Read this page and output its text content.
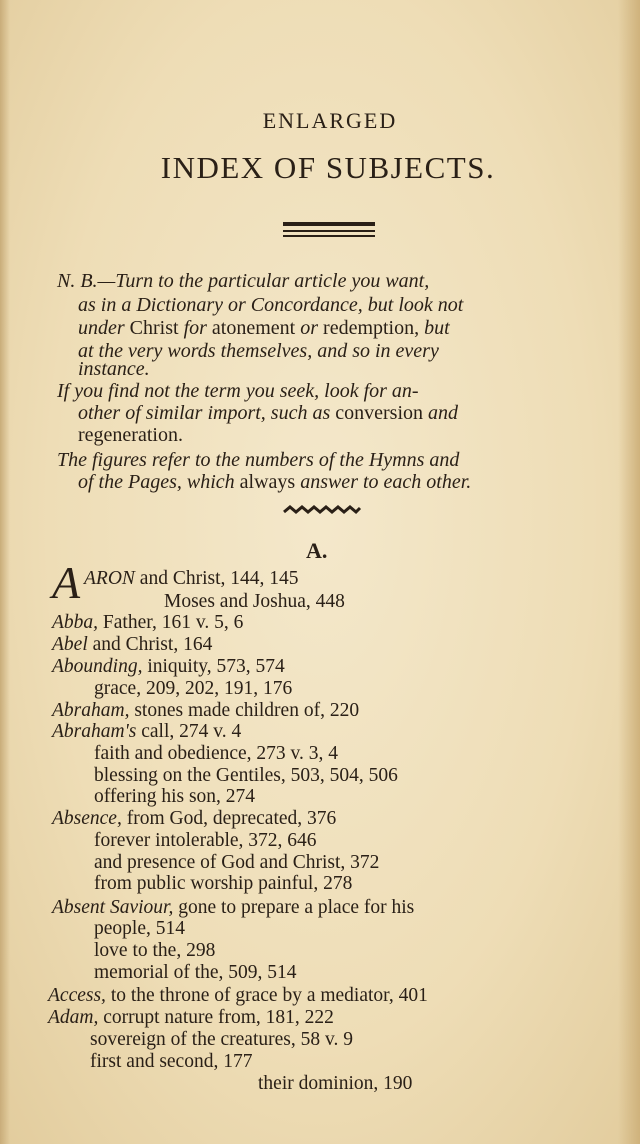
ENLARGED
INDEX OF SUBJECTS.
N. B.—Turn to the particular article you want,
as in a Dictionary or Concordance, but look not
under Christ for atonement or redemption, but
at the very words themselves, and so in every
instance.
If you find not the term you seek, look for an-
other of similar import, such as conversion and
regeneration.
The figures refer to the numbers of the Hymns and
of the Pages, which always answer to each other.
A.
A ARON and Christ, 144, 145
Moses and Joshua, 448
Abba, Father, 161 v. 5, 6
Abel and Christ, 164
Abounding, iniquity, 573, 574
grace, 209, 202, 191, 176
Abraham, stones made children of, 220
Abraham's call, 274 v. 4
faith and obedience, 273 v. 3, 4
blessing on the Gentiles, 503, 504, 506
offering his son, 274
Absence, from God, deprecated, 376
forever intolerable, 372, 646
and presence of God and Christ, 372
from public worship painful, 278
Absent Saviour, gone to prepare a place for his
people, 514
love to the, 298
memorial of the, 509, 514
Access, to the throne of grace by a mediator, 401
Adam, corrupt nature from, 181, 222
sovereign of the creatures, 58 v. 9
first and second, 177
their dominion, 190
